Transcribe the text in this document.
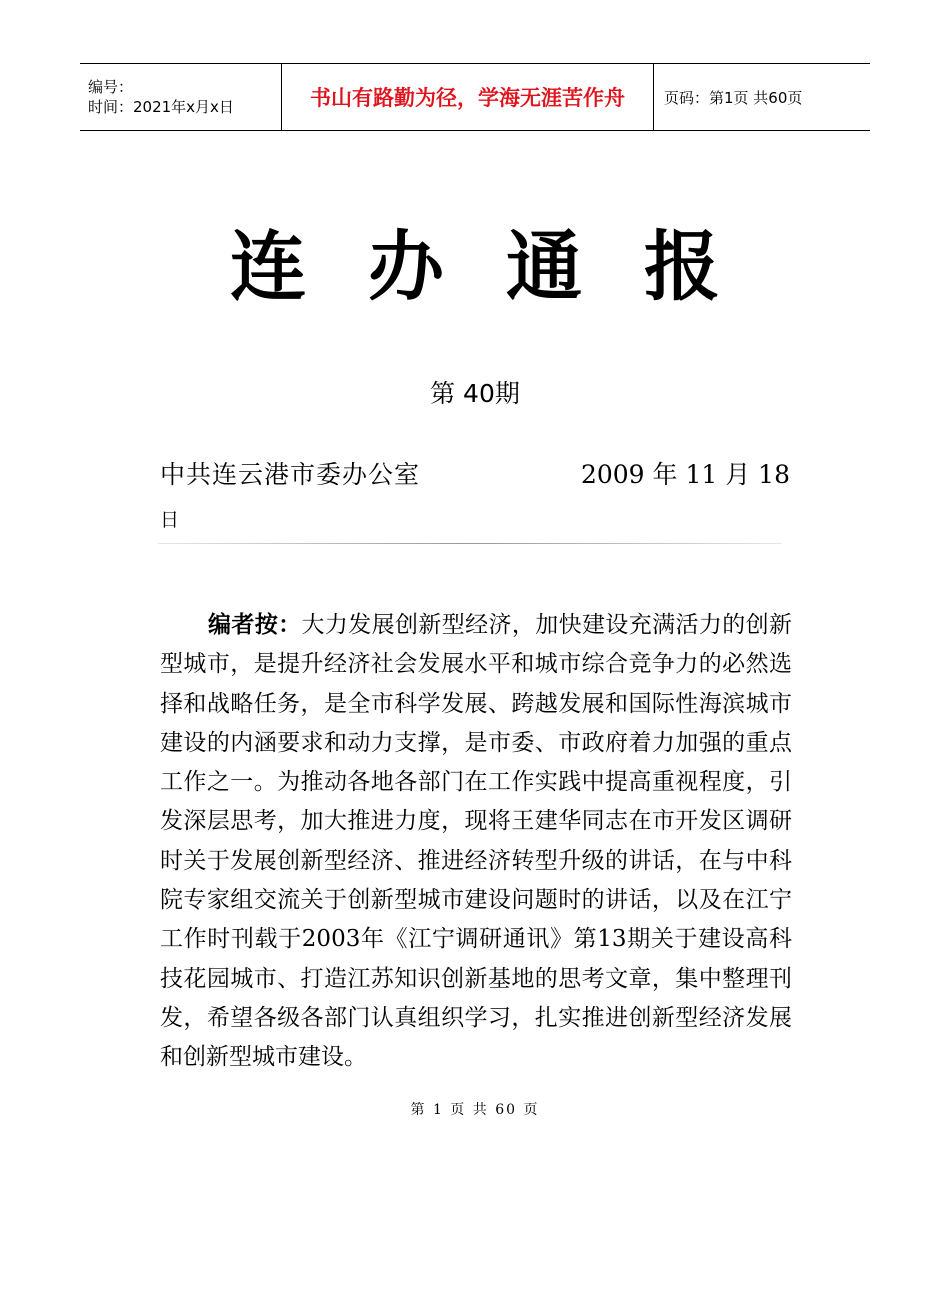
编号：
时间：2021年x月x日	书山有路勤为径，学海无涯苦作舟	页码：第1页 共60页
连办通报
第 40期
中共连云港市委办公室	2009 年 11 月 18
日

编者按：大力发展创新型经济，加快建设充满活力的创新型城市，是提升经济社会发展水平和城市综合竞争力的必然选择和战略任务，是全市科学发展、跨越发展和国际性海滨城市建设的内涵要求和动力支撑，是市委、市政府着力加强的重点工作之一。为推动各地各部门在工作实践中提高重视程度，引发深层思考，加大推进力度，现将王建华同志在市开发区调研时关于发展创新型经济、推进经济转型升级的讲话，在与中科院专家组交流关于创新型城市建设问题时的讲话，以及在江宁工作时刊载于2003年《江宁调研通讯》第13期关于建设高科技花园城市、打造江苏知识创新基地的思考文章，集中整理刊发，希望各级各部门认真组织学习，扎实推进创新型经济发展和创新型城市建设。

第 1 页 共 60 页
